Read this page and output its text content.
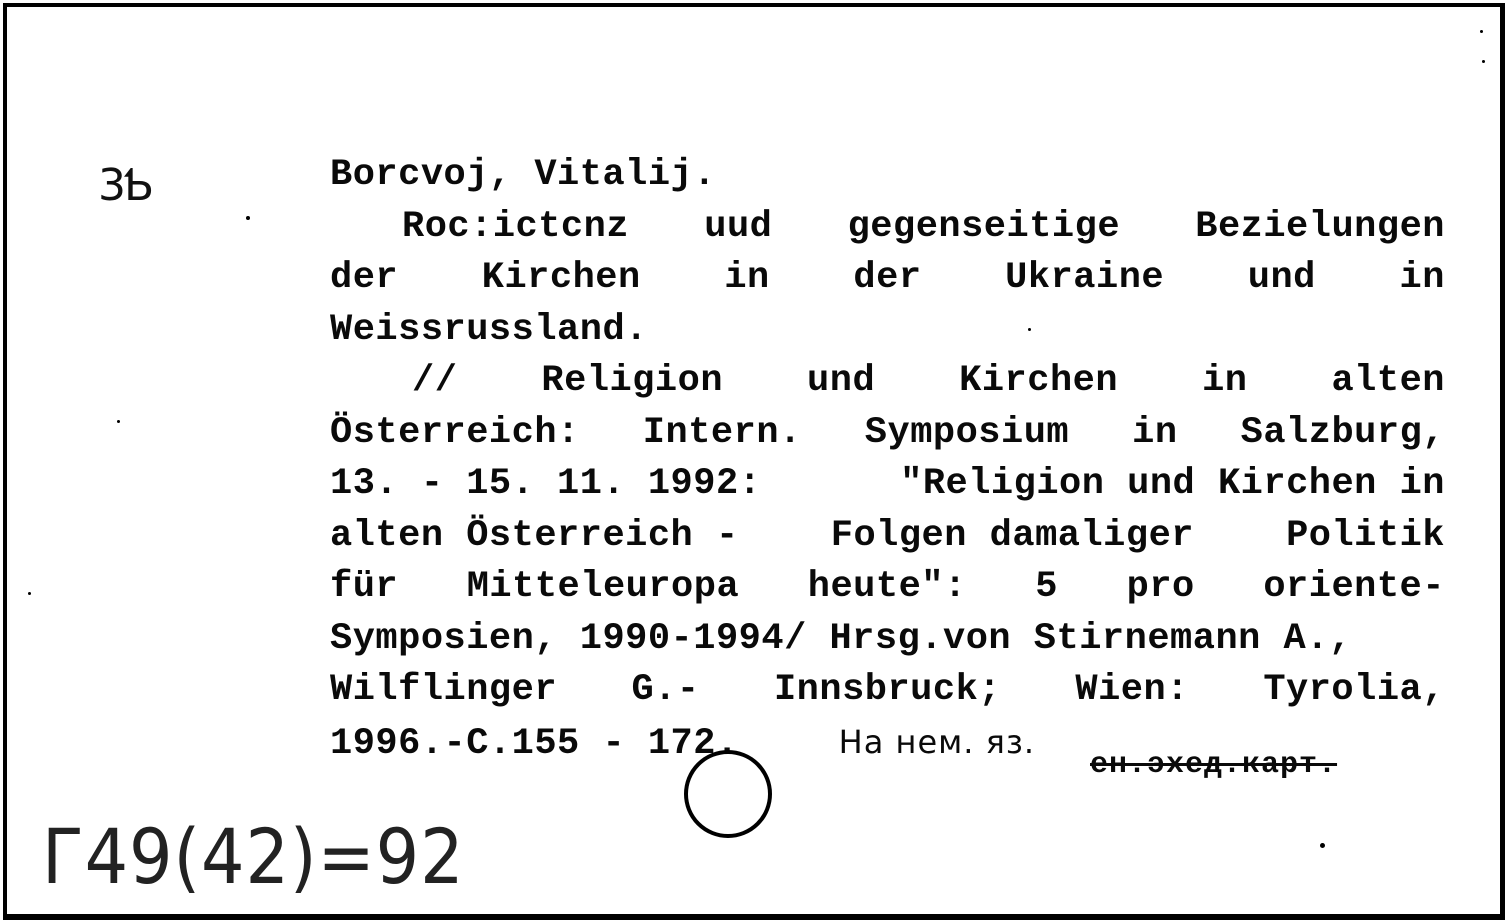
3Ƅ	Borcvoj, Vitalij.
Roc:ictcnz uud gegenseitige Bezielungen
der Kirchen in der Ukraine und in
Weissrussland.
// Religion und Kirchen in alten
Österreich: Intern. Symposium in Salzburg,
13. - 15. 11. 1992:	"Religion und Kirchen in
alten Österreich - Folgen damaliger Politik
für Mitteleuropa heute": 5 pro oriente-
Symposien, 1990-1994/ Hrsg.von Stirnemann A.,
Wilflinger G.- Innsbruck; Wien: Tyrolia,
1996.-C.155 - 172.	На нем. яз.
ен.эхед.карт.
Г49(42)=92
